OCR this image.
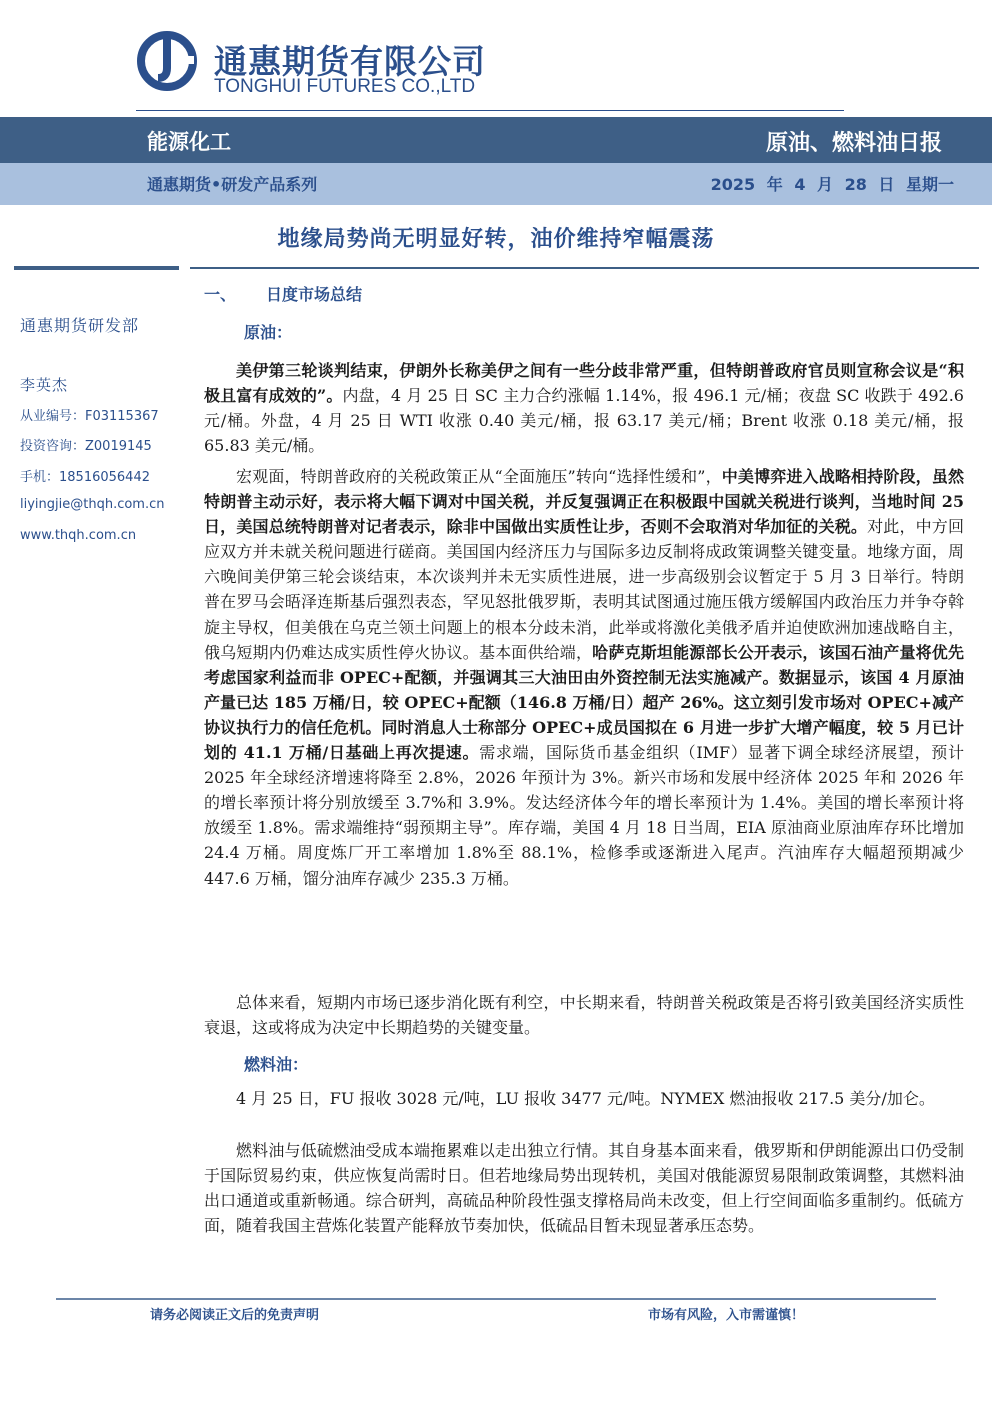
通惠期货有限公司
TONGHUI FUTURES CO.,LTD
能源化工	原油、燃料油日报
通惠期货•研发产品系列	2025 年 4 月 28 日 星期一
地缘局势尚无明显好转，油价维持窄幅震荡
通惠期货研发部
李英杰
从业编号：F03115367
投资咨询：Z0019145
手机：18516056442
liyingjie@thqh.com.cn
www.thqh.com.cn
一、 日度市场总结
原油：

美伊第三轮谈判结束，伊朗外长称美伊之间有一些分歧非常严重，但特朗普政府官员则宣称会议是“积极且富有成效的”。内盘，4 月 25 日 SC 主力合约涨幅 1.14%，报 496.1 元/桶；夜盘 SC 收跌于 492.6 元/桶。外盘，4 月 25 日 WTI 收涨 0.40 美元/桶，报 63.17 美元/桶；Brent 收涨 0.18 美元/桶，报 65.83 美元/桶。

宏观面，特朗普政府的关税政策正从“全面施压”转向“选择性缓和”，中美博弈进入战略相持阶段，虽然特朗普主动示好，表示将大幅下调对中国关税，并反复强调正在积极跟中国就关税进行谈判，当地时间 25 日，美国总统特朗普对记者表示，除非中国做出实质性让步，否则不会取消对华加征的关税。对此，中方回应双方并未就关税问题进行磋商。美国国内经济压力与国际多边反制将成政策调整关键变量。地缘方面，周六晚间美伊第三轮会谈结束，本次谈判并未无实质性进展，进一步高级别会议暂定于 5 月 3 日举行。特朗普在罗马会晤泽连斯基后强烈表态，罕见怒批俄罗斯，表明其试图通过施压俄方缓解国内政治压力并争夺斡旋主导权，但美俄在乌克兰领土问题上的根本分歧未消，此举或将激化美俄矛盾并迫使欧洲加速战略自主，俄乌短期内仍难达成实质性停火协议。基本面供给端，哈萨克斯坦能源部长公开表示，该国石油产量将优先考虑国家利益而非 OPEC+配额，并强调其三大油田由外资控制无法实施减产。数据显示，该国 4 月原油产量已达 185 万桶/日，较 OPEC+配额（146.8 万桶/日）超产 26%。这立刻引发市场对 OPEC+减产协议执行力的信任危机。同时消息人士称部分 OPEC+成员国拟在 6 月进一步扩大增产幅度，较 5 月已计划的 41.1 万桶/日基础上再次提速。需求端，国际货币基金组织（IMF）显著下调全球经济展望，预计 2025 年全球经济增速将降至 2.8%，2026 年预计为 3%。新兴市场和发展中经济体 2025 年和 2026 年的增长率预计将分别放缓至 3.7%和 3.9%。发达经济体今年的增长率预计为 1.4%。美国的增长率预计将放缓至 1.8%。需求端维持“弱预期主导”。库存端，美国 4 月 18 日当周，EIA 原油商业原油库存环比增加 24.4 万桶。周度炼厂开工率增加 1.8%至 88.1%，检修季或逐渐进入尾声。汽油库存大幅超预期减少 447.6 万桶，馏分油库存减少 235.3 万桶。

总体来看，短期内市场已逐步消化既有利空，中长期来看，特朗普关税政策是否将引致美国经济实质性衰退，这或将成为决定中长期趋势的关键变量。

燃料油：

4 月 25 日，FU 报收 3028 元/吨，LU 报收 3477 元/吨。NYMEX 燃油报收 217.5 美分/加仑。

燃料油与低硫燃油受成本端拖累难以走出独立行情。其自身基本面来看，俄罗斯和伊朗能源出口仍受制于国际贸易约束，供应恢复尚需时日。但若地缘局势出现转机，美国对俄能源贸易限制政策调整，其燃料油出口通道或重新畅通。综合研判，高硫品种阶段性强支撑格局尚未改变，但上行空间面临多重制约。低硫方面，随着我国主营炼化装置产能释放节奏加快，低硫品目暂未现显著承压态势。

请务必阅读正文后的免责声明	市场有风险，入市需谨慎！
